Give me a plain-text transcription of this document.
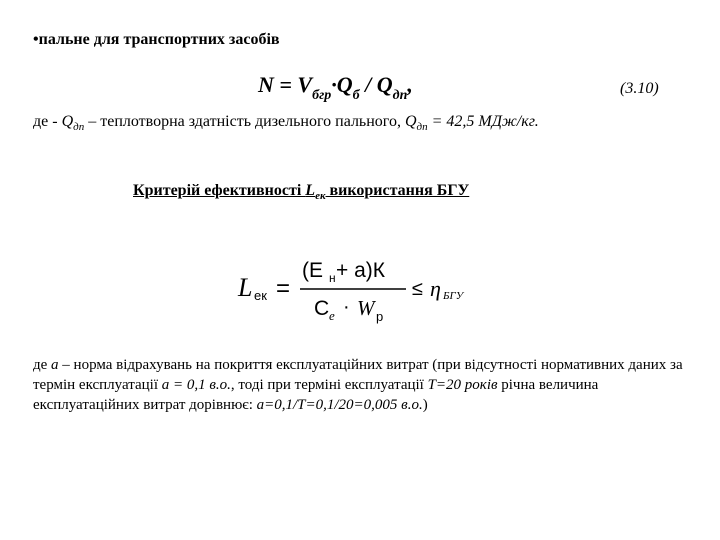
•пальне для транспортних засобів
$N = V_{бгр}\cdot Q_б / Q_{дп}$,	(3.10)
де - $Q_{дп}$ – теплотворна здатність дизельного пального, $Q_{дп} = 42,5$ МДж/кг.
Критерій ефективності $L_{ек}$ використання БГУ
L ек =
(Е н + а)К
С е · W р
≤ η БГУ
де а – норма відрахувань на покриття експлуатаційних витрат (при відсутності нормативних даних за термін експлуатації а = 0,1 в.о., тоді при терміні експлуатації Т=20 років річна величина експлуатаційних витрат дорівнює: а=0,1/Т=0,1/20=0,005 в.о.)
